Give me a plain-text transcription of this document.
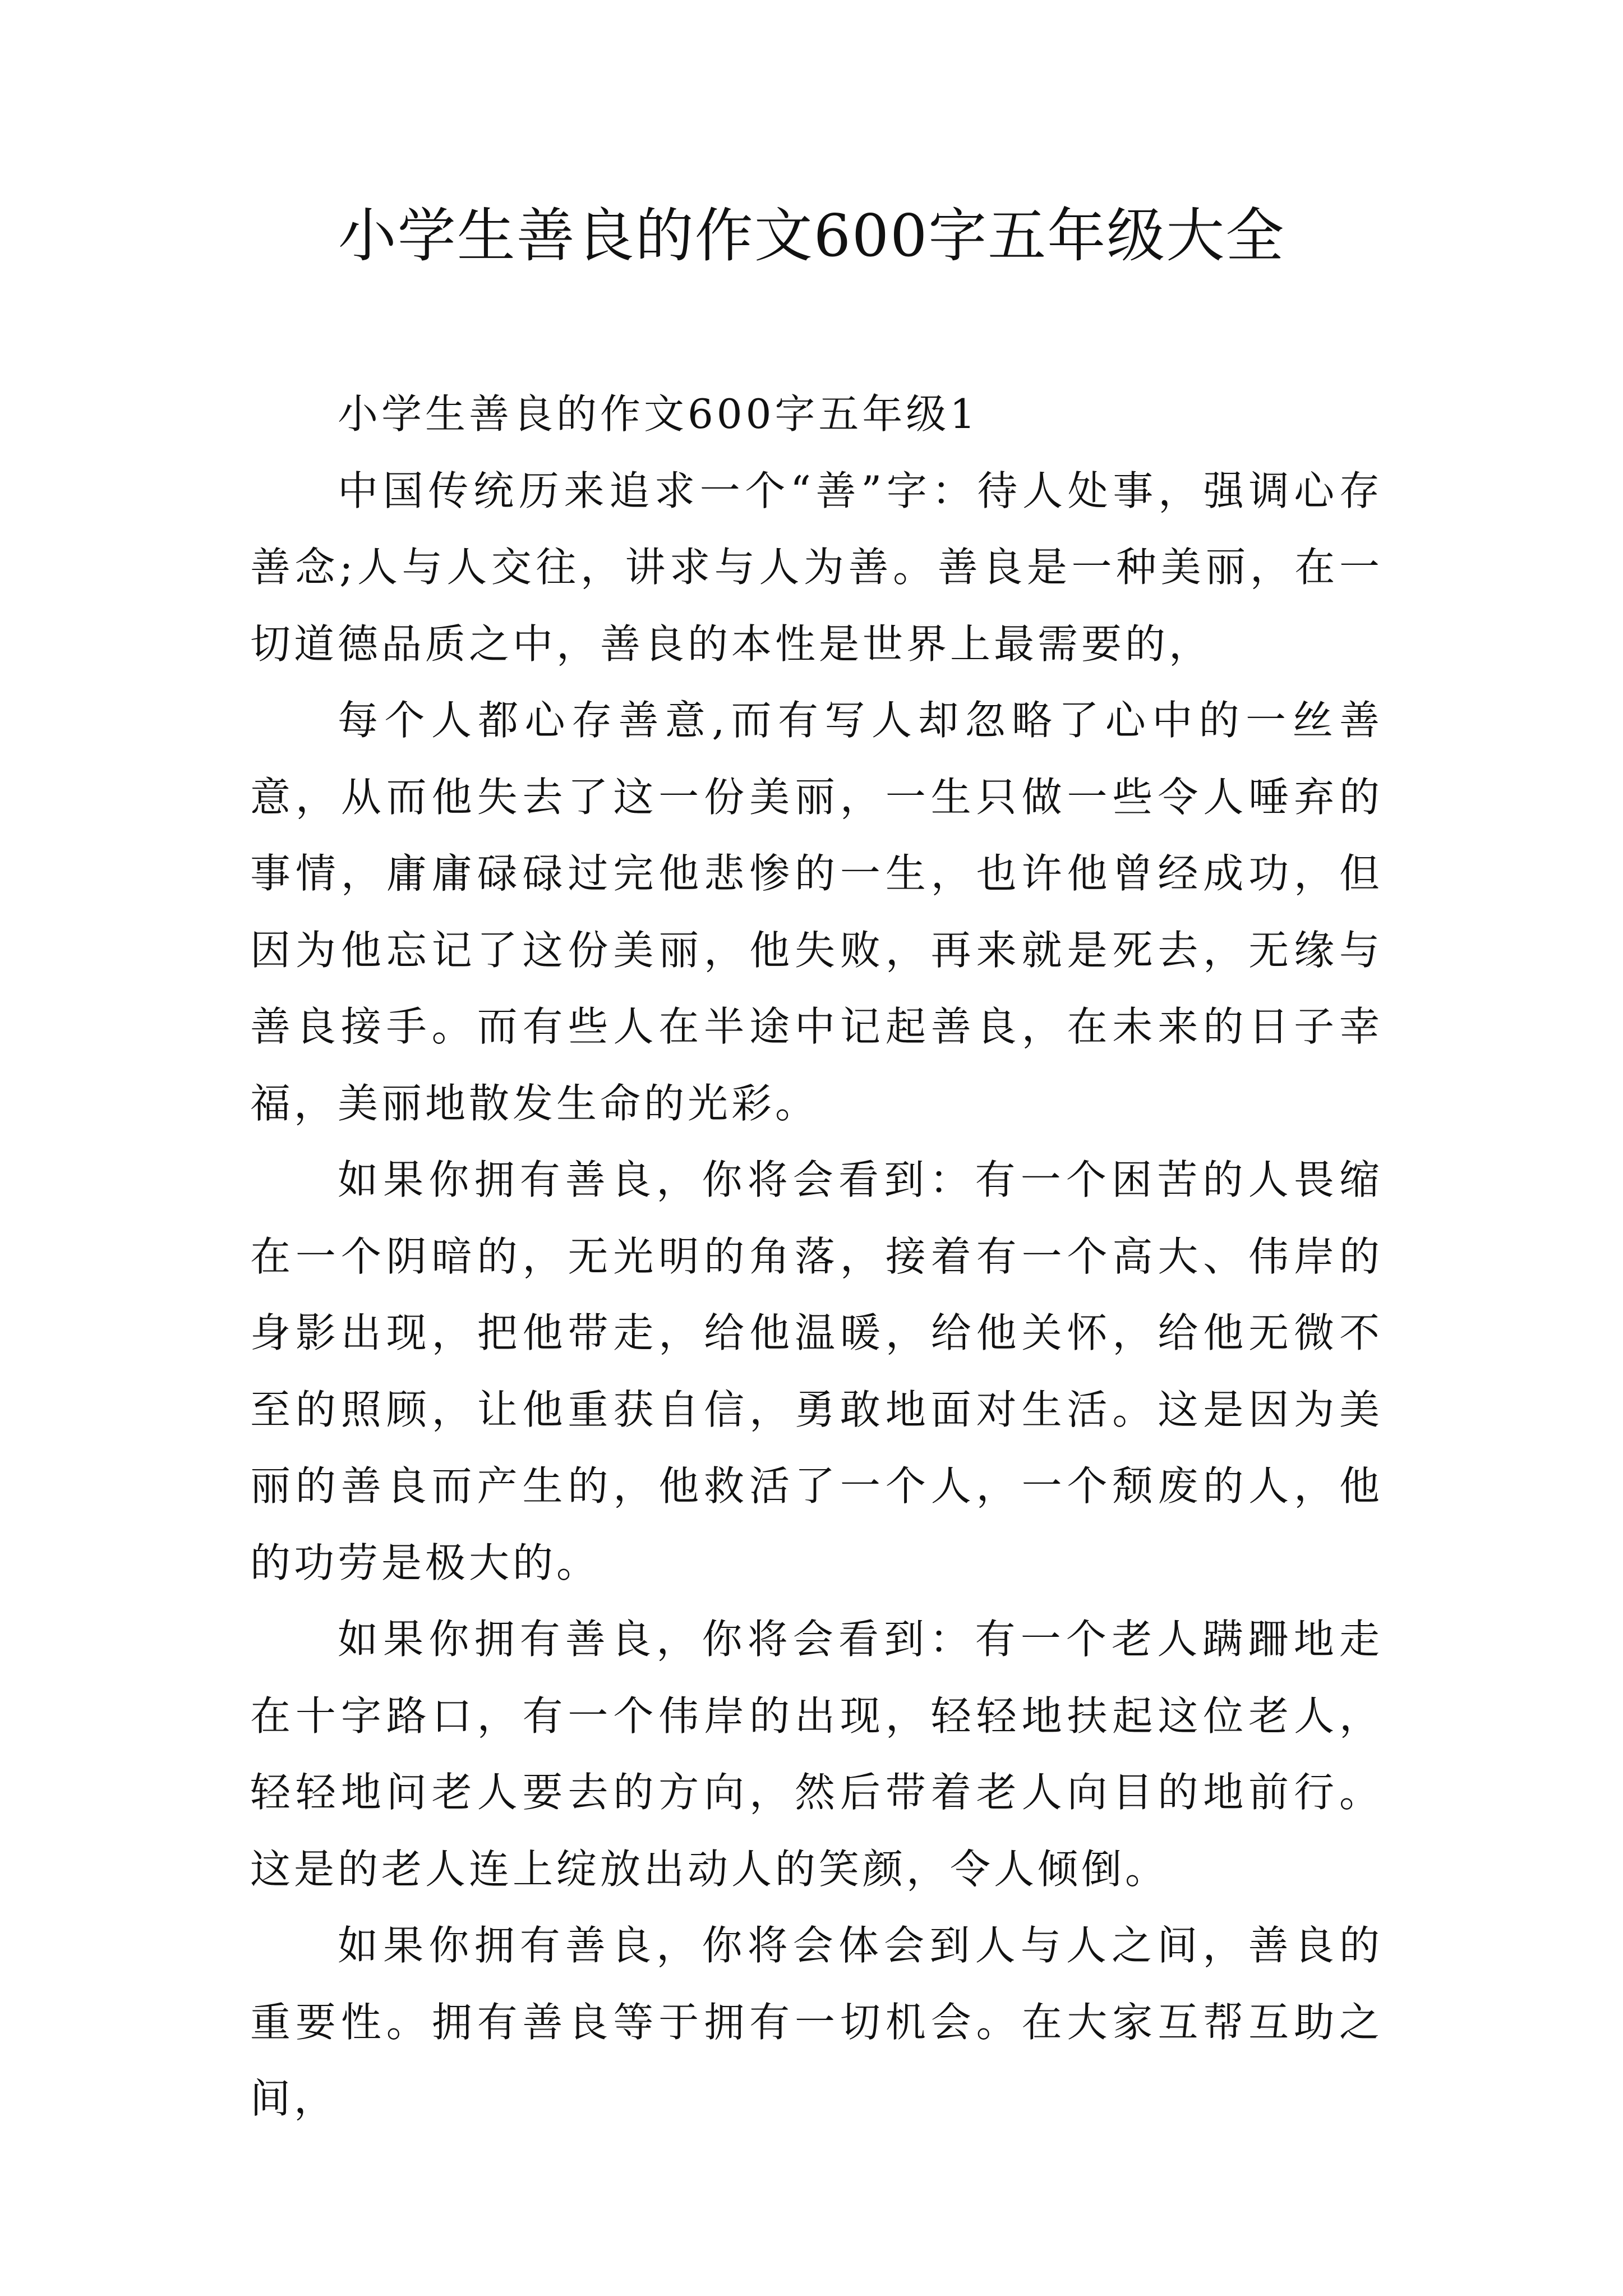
小学生善良的作文600字五年级大全

小学生善良的作文600字五年级1

中国传统历来追求一个“善”字：待人处事，强调心存善念;人与人交往，讲求与人为善。善良是一种美丽，在一切道德品质之中，善良的本性是世界上最需要的，

每个人都心存善意,而有写人却忽略了心中的一丝善意，从而他失去了这一份美丽，一生只做一些令人唾弃的事情，庸庸碌碌过完他悲惨的一生，也许他曾经成功，但因为他忘记了这份美丽，他失败，再来就是死去，无缘与善良接手。而有些人在半途中记起善良，在未来的日子幸福，美丽地散发生命的光彩。

如果你拥有善良，你将会看到：有一个困苦的人畏缩在一个阴暗的，无光明的角落，接着有一个高大、伟岸的身影出现，把他带走，给他温暖，给他关怀，给他无微不至的照顾，让他重获自信，勇敢地面对生活。这是因为美丽的善良而产生的，他救活了一个人，一个颓废的人，他的功劳是极大的。

如果你拥有善良，你将会看到：有一个老人蹒跚地走在十字路口，有一个伟岸的出现，轻轻地扶起这位老人，轻轻地问老人要去的方向，然后带着老人向目的地前行。这是的老人连上绽放出动人的笑颜，令人倾倒。

如果你拥有善良，你将会体会到人与人之间，善良的重要性。拥有善良等于拥有一切机会。在大家互帮互助之间，
